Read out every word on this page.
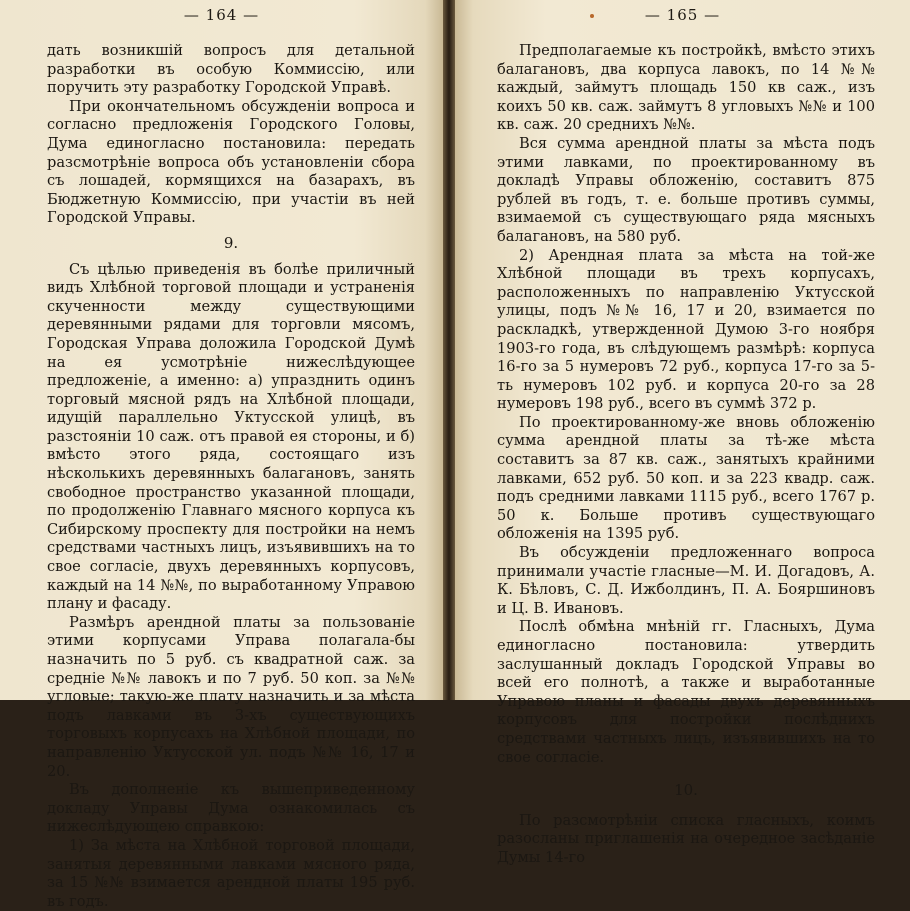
— 164 —

дать возникшій вопросъ для детальной разработки въ особую Коммиссію, или поручить эту разработку Городской Управѣ.

При окончательномъ обсужденіи вопроса и согласно предложенія Городского Головы, Дума единогласно постановила: передать разсмотрѣніе вопроса объ установленіи сбора съ лошадей, кормящихся на базарахъ, въ Бюджетную Коммиссію, при участіи въ ней Городской Управы.

9.

Съ цѣлью приведенія въ болѣе приличный видъ Хлѣбной торговой площади и устраненія скученности между существующими деревянными рядами для торговли мясомъ, Городская Управа доложила Городской Думѣ на ея усмотрѣніе нижеслѣдующее предложеніе, а именно: а) упразднить одинъ торговый мясной рядъ на Хлѣбной площади, идущій параллельно Уктусской улицѣ, въ разстояніи 10 саж. отъ правой ея стороны, и б) вмѣсто этого ряда, состоящаго изъ нѣсколькихъ деревянныхъ балагановъ, занять свободное пространство указанной площади, по продолженію Главнаго мясного корпуса къ Сибирскому проспекту для постройки на немъ средствами частныхъ лицъ, изъявившихъ на то свое согласіе, двухъ деревянныхъ корпусовъ, каждый на 14 №№, по выработанному Управою плану и фасаду.

Размѣръ арендной платы за пользованіе этими корпусами Управа полагала-бы назначить по 5 руб. съ квадратной саж. за средніе №№ лавокъ и по 7 руб. 50 коп. за №№ угловые; такую-же плату назначить и за мѣста подъ лавками въ 3-хъ существующихъ торговыхъ корпусахъ на Хлѣбной площади, по направленію Уктусской ул. подъ №№ 16, 17 и 20.

Въ дополненіе къ вышеприведенному докладу Управы Дума ознакомилась съ нижеслѣдующею справкою:

1) За мѣста на Хлѣбной торговой площади, занятыя деревянными лавками мясного ряда, за 15 №№ взимается арендной платы 195 руб. въ годъ.

— 165 —

Предполагаемые къ постройкѣ, вмѣсто этихъ балагановъ, два корпуса лавокъ, по 14 №№ каждый, займутъ площадь 150 кв саж., изъ коихъ 50 кв. саж. займутъ 8 угловыхъ №№ и 100 кв. саж. 20 среднихъ №№.

Вся сумма арендной платы за мѣста подъ этими лавками, по проектированному въ докладѣ Управы обложенію, составитъ 875 рублей въ годъ, т. е. больше противъ суммы, взимаемой съ существующаго ряда мясныхъ балагановъ, на 580 руб.

2) Арендная плата за мѣста на той-же Хлѣбной площади въ трехъ корпусахъ, расположенныхъ по направленію Уктусской улицы, подъ №№ 16, 17 и 20, взимается по раскладкѣ, утвержденной Думою 3-го ноября 1903-го года, въ слѣдующемъ размѣрѣ: корпуса 16-го за 5 нумеровъ 72 руб., корпуса 17-го за 5-ть нумеровъ 102 руб. и корпуса 20-го за 28 нумеровъ 198 руб., всего въ суммѣ 372 р.

По проектированному-же вновь обложенію сумма арендной платы за тѣ-же мѣста составитъ за 87 кв. саж., занятыхъ крайними лавками, 652 руб. 50 коп. и за 223 квадр. саж. подъ средними лавками 1115 руб., всего 1767 р. 50 к. Больше противъ существующаго обложенія на 1395 руб.

Въ обсужденіи предложеннаго вопроса принимали участіе гласные—М. И. Догадовъ, А. К. Бѣловъ, С. Д. Ижболдинъ, П. А. Бояршиновъ и Ц. В. Ивановъ.

Послѣ обмѣна мнѣній гг. Гласныхъ, Дума единогласно постановила: утвердить заслушанный докладъ Городской Управы во всей его полнотѣ, а также и выработанные Управою планы и фасады двухъ деревянныхъ корпусовъ для постройки послѣднихъ средствами частныхъ лицъ, изъявившихъ на то свое согласіе.

10.

По разсмотрѣніи списка гласныхъ, коимъ разосланы приглашенія на очередное засѣданіе Думы 14-го
